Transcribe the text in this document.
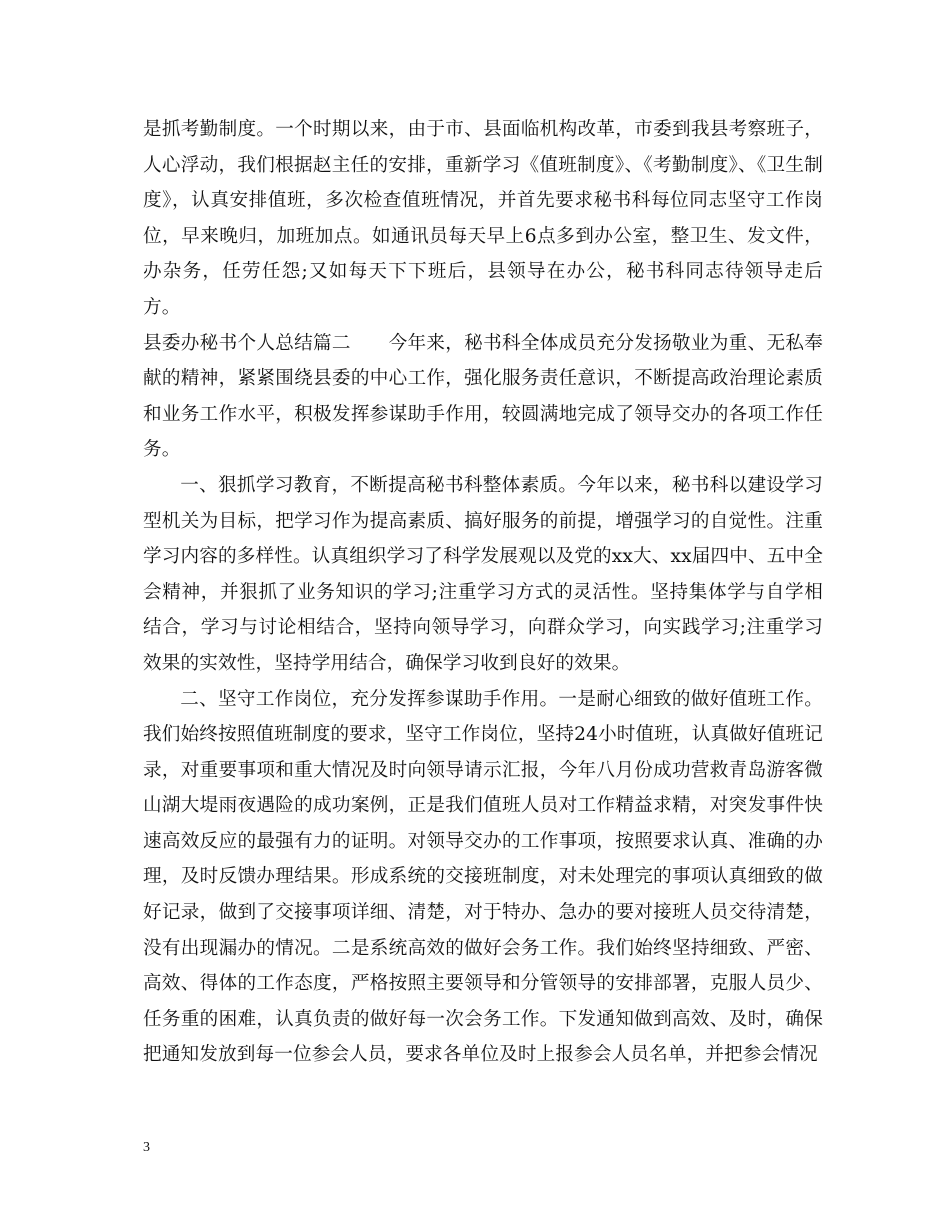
是抓考勤制度。一个时期以来，由于市、县面临机构改革，市委到我县考察班子，人心浮动，我们根据赵主任的安排，重新学习《值班制度》、《考勤制度》、《卫生制度》，认真安排值班，多次检查值班情况，并首先要求秘书科每位同志坚守工作岗位，早来晚归，加班加点。如通讯员每天早上6点多到办公室，整卫生、发文件，办杂务，任劳任怨;又如每天下下班后，县领导在办公，秘书科同志待领导走后方。

县委办秘书个人总结篇二　　今年来，秘书科全体成员充分发扬敬业为重、无私奉献的精神，紧紧围绕县委的中心工作，强化服务责任意识，不断提高政治理论素质和业务工作水平，积极发挥参谋助手作用，较圆满地完成了领导交办的各项工作任务。

一、狠抓学习教育，不断提高秘书科整体素质。今年以来，秘书科以建设学习型机关为目标，把学习作为提高素质、搞好服务的前提，增强学习的自觉性。注重学习内容的多样性。认真组织学习了科学发展观以及党的xx大、xx届四中、五中全会精神，并狠抓了业务知识的学习;注重学习方式的灵活性。坚持集体学与自学相结合，学习与讨论相结合，坚持向领导学习，向群众学习，向实践学习;注重学习效果的实效性，坚持学用结合，确保学习收到良好的效果。

二、坚守工作岗位，充分发挥参谋助手作用。一是耐心细致的做好值班工作。我们始终按照值班制度的要求，坚守工作岗位，坚持24小时值班，认真做好值班记录，对重要事项和重大情况及时向领导请示汇报，今年八月份成功营救青岛游客微山湖大堤雨夜遇险的成功案例，正是我们值班人员对工作精益求精，对突发事件快速高效反应的最强有力的证明。对领导交办的工作事项，按照要求认真、准确的办理，及时反馈办理结果。形成系统的交接班制度，对未处理完的事项认真细致的做好记录，做到了交接事项详细、清楚，对于特办、急办的要对接班人员交待清楚，没有出现漏办的情况。二是系统高效的做好会务工作。我们始终坚持细致、严密、高效、得体的工作态度，严格按照主要领导和分管领导的安排部署，克服人员少、任务重的困难，认真负责的做好每一次会务工作。下发通知做到高效、及时，确保把通知发放到每一位参会人员，要求各单位及时上报参会人员名单，并把参会情况

3
